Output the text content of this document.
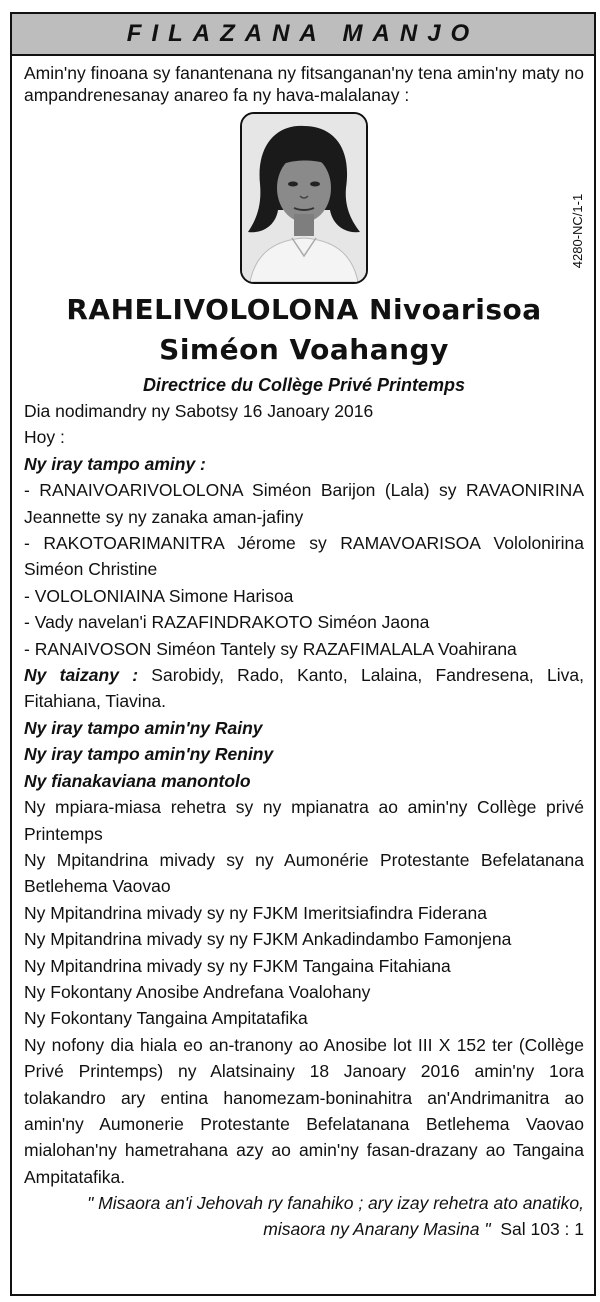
FILAZANA MANJO

Amin'ny finoana sy fanantenana ny fitsanganan'ny tena amin'ny maty no ampandrenesanay anareo fa ny hava-malalanay :

4280-NC/1-1
RAHELIVOLOLONA Nivoarisoa
Siméon Voahangy
Directrice du Collège Privé Printemps

Dia nodimandry ny Sabotsy 16 Janoary 2016

Hoy :

Ny iray tampo aminy :

- RANAIVOARIVOLOLONA Siméon Barijon (Lala) sy RAVAONIRINA Jeannette sy ny zanaka aman-jafiny

- RAKOTOARIMANITRA Jérome sy RAMAVOARISOA Vololonirina Siméon Christine

- VOLOLONIAINA Simone Harisoa

- Vady navelan'i RAZAFINDRAKOTO Siméon Jaona

- RANAIVOSON Siméon Tantely sy RAZAFIMALALA Voahirana

Ny taizany : Sarobidy, Rado, Kanto, Lalaina, Fandresena, Liva, Fitahiana, Tiavina.

Ny iray tampo amin'ny Rainy

Ny iray tampo amin'ny Reniny

Ny fianakaviana manontolo

Ny mpiara-miasa rehetra sy ny mpianatra ao amin'ny Collège privé Printemps

Ny Mpitandrina mivady sy ny Aumonérie Protestante Befelatanana Betlehema Vaovao

Ny Mpitandrina mivady sy ny FJKM Imeritsiafindra Fiderana

Ny Mpitandrina mivady sy ny FJKM Ankadindambo Famonjena

Ny Mpitandrina mivady sy ny FJKM Tangaina Fitahiana

Ny Fokontany Anosibe Andrefana Voalohany

Ny Fokontany Tangaina Ampitatafika

Ny nofony dia hiala eo an-tranony ao Anosibe lot III X 152 ter (Collège Privé Printemps) ny Alatsinainy 18 Janoary 2016 amin'ny 1ora tolakandro ary entina hanomezam-boninahitra an'Andrimanitra ao amin'ny Aumonerie Protestante Befelatanana Betlehema Vaovao mialohan'ny hametrahana azy ao amin'ny fasan-drazany ao Tangaina Ampitatafika.

" Misaora an'i Jehovah ry fanahiko ; ary izay rehetra ato anatiko,
misaora ny Anarany Masina " Sal 103 : 1
